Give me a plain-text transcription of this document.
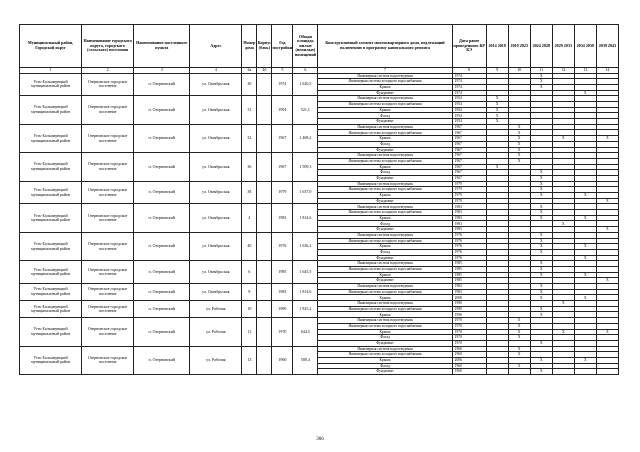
Муниципальный район, Городской округ	Наименование городского округа, городского (сельского) поселения	Наименование населенного пункта	Адрес	Номер дома	Корпус (блок)	Год постройки	Общая площадь жилых (нежилых) помещений	Конструктивный элемент многоквартирного дома, подлежащий включению в программу капитального ремонта	Дата ранее проведенного КР КЭ	2014 2018	2019 2023	2024 2028	2029 2033	2034 2038	2039 2043
1	2	3	4	4а	4б	5	6	7	8	9	10	11	12	13	14
Усть-Большерецкий муниципальный район	Озерновское городское поселение	п. Озерновский	ул. Октябрьская	30		1974	1 620,5	Инженерная система водоотведения	1974			X			
								Инженерная система холодного водоснабжения	1974			X			
								Крыша	1974			X			
								Фундамент	1974					X	
Усть-Большерецкий муниципальный район	Озерновское городское поселение	п. Озерновский	ул. Октябрьская	31		1994	521,1	Инженерная система водоотведения	1954	X					
								Инженерная система холодного водоснабжения	1954	X					
								Крыша	1954	X					
								Фасад	1954	X					
								Фундамент	1954	X					
Усть-Большерецкий муниципальный район	Озерновское городское поселение	п. Озерновский	ул. Октябрьская	32		1967	1 468,2	Инженерная система водоотведения	1967		X				
								Инженерная система холодного водоснабжения	1967		X				
								Крыша	1967		X		X		X
								Фасад	1967		X				
								Фундамент	1967		X				
Усть-Большерецкий муниципальный район	Озерновское городское поселение	п. Озерновский	ул. Октябрьская	36		1967	1 509,3	Инженерная система водоотведения	1967		X				
								Инженерная система холодного водоснабжения	1967		X				
								Крыша	1967	X					
								Фасад	1967			X			
								Фундамент	1967			X			
Усть-Большерецкий муниципальный район	Озерновское городское поселение	п. Озерновский	ул. Октябрьская	38		1979	1 637,0	Инженерная система водоотведения	1979			X			
								Инженерная система холодного водоснабжения	1979			X			
								Крыша	1979			X		X	
								Фундамент	1979						X
Усть-Большерецкий муниципальный район	Озерновское городское поселение	п. Озерновский	ул. Октябрьская	4		1983	1 814,6	Инженерная система водоотведения	1983			X			
								Инженерная система холодного водоснабжения	1983			X			
								Крыша	1983			X		X	
								Фасад	1983				X		
								Фундамент	1983						X
Усть-Большерецкий муниципальный район	Озерновское городское поселение	п. Озерновский	ул. Октябрьская	40		1976	1 636,2	Инженерная система водоотведения	1976			X			
								Инженерная система холодного водоснабжения	1976			X			
								Крыша	1976			X		X	
								Фасад	1976			X			
								Фундамент	1976					X	
Усть-Большерецкий муниципальный район	Озерновское городское поселение	п. Озерновский	ул. Октябрьская	6		1985	1 645,5	Инженерная система водоотведения	1985			X			
								Инженерная система холодного водоснабжения	1985			X			
								Крыша	1985			X		X	
								Фундамент	1985						X
Усть-Большерецкий муниципальный район	Озерновское городское поселение	п. Озерновский	ул. Октябрьская	8		1983	1 814,6	Инженерная система водоотведения	1983			X			
								Инженерная система холодного водоснабжения	1983			X			
								Крыша	2008			X		X	
Усть-Большерецкий муниципальный район	Озерновское городское поселение	п. Озерновский	ул. Рабочая	10		1990	1 825,2	Инженерная система водоотведения	1990				X		
								Инженерная система холодного водоснабжения	1990			X			
								Крыша	1990			X			
Усть-Большерецкий муниципальный район	Озерновское городское поселение	п. Озерновский	ул. Рабочая	11		1970	644,5	Инженерная система водоотведения	1970		X				
								Инженерная система холодного водоснабжения	1970		X				
								Крыша	1970		X		X		X
								Фасад	1970		X				
								Фундамент	1970			X			
Усть-Большерецкий муниципальный район	Озерновское городское поселение	п. Озерновский	ул. Рабочая	13		1960	508,4	Инженерная система водоотведения	1960		X				
								Инженерная система холодного водоснабжения	1960		X				
								Крыша	2006			X		X	
								Фасад	1960		X				
								Фундамент	1960			X			
366
